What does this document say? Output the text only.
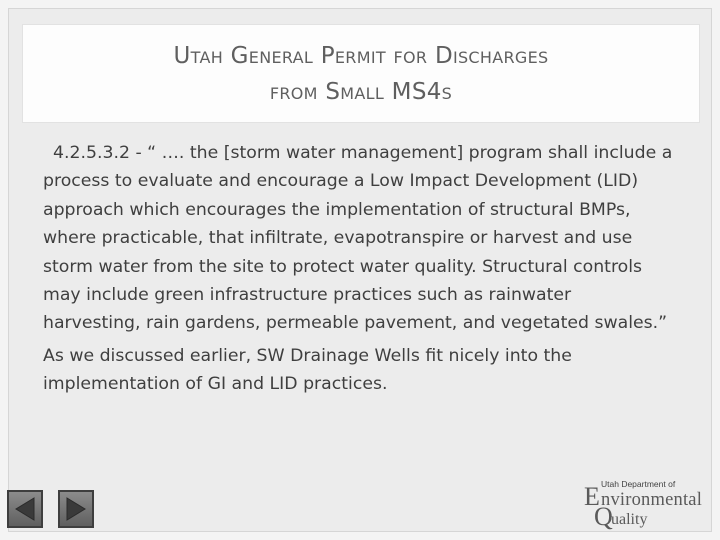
Utah General Permit for Discharges
from Small MS4s

4.2.5.3.2 - “ …. the [storm water management] program shall include a process to evaluate and encourage a Low Impact Development (LID) approach which encourages the implementation of structural BMPs, where practicable, that infiltrate, evapotranspire or harvest and use storm water from the site to protect water quality. Structural controls may include green infrastructure practices such as rainwater harvesting, rain gardens, permeable pavement, and vegetated swales.”

As we discussed earlier, SW Drainage Wells fit nicely into the implementation of GI and LID practices.

Utah Department of
E nvironmental
Q
uality
